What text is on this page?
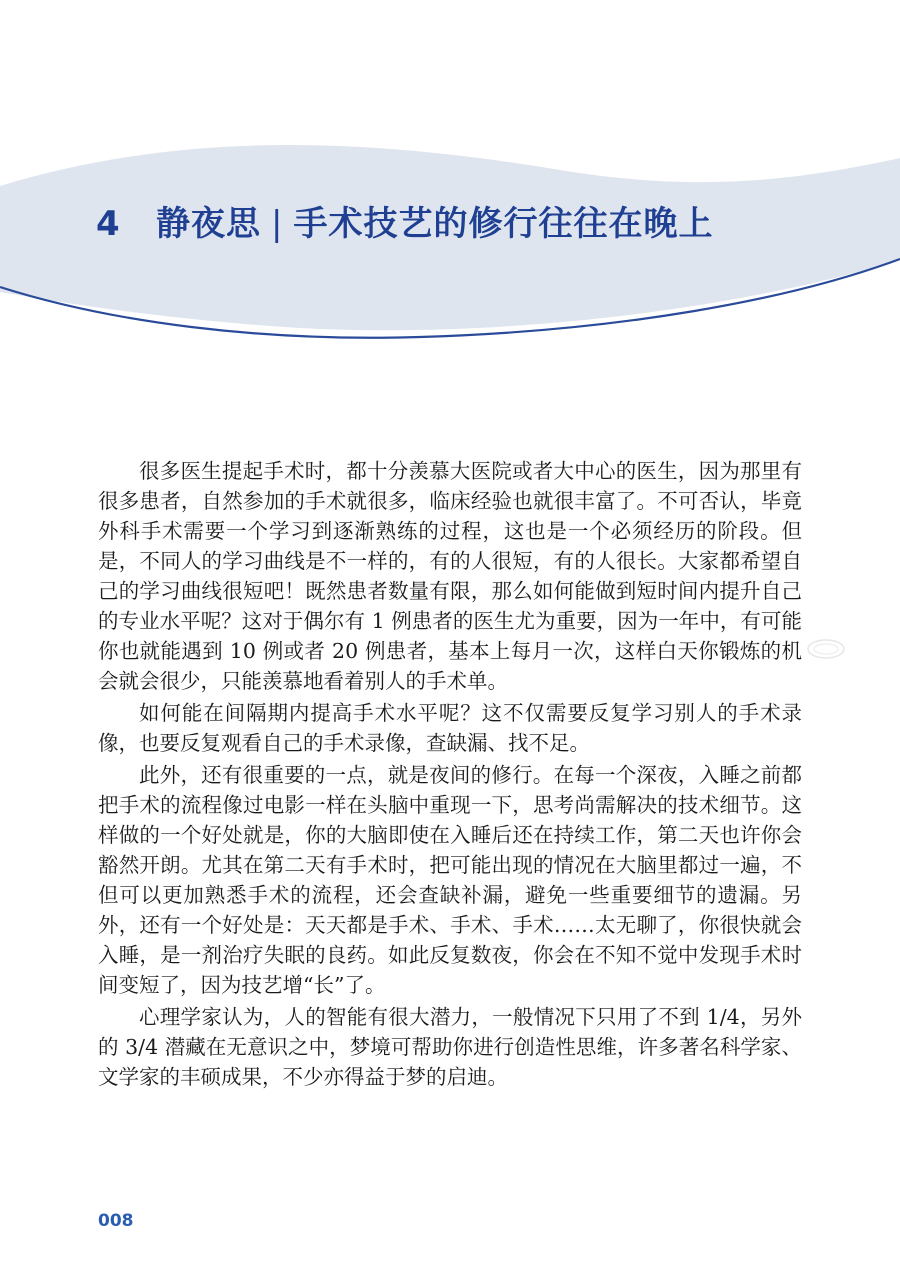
4 静夜思 | 手术技艺的修行往往在晚上

很多医生提起手术时，都十分羡慕大医院或者大中心的医生，因为那里有很多患者，自然参加的手术就很多，临床经验也就很丰富了。不可否认，毕竟外科手术需要一个学习到逐渐熟练的过程，这也是一个必须经历的阶段。但是，不同人的学习曲线是不一样的，有的人很短，有的人很长。大家都希望自己的学习曲线很短吧！既然患者数量有限，那么如何能做到短时间内提升自己的专业水平呢？这对于偶尔有 1 例患者的医生尤为重要，因为一年中，有可能你也就能遇到 10 例或者 20 例患者，基本上每月一次，这样白天你锻炼的机会就会很少，只能羡慕地看着别人的手术单。

如何能在间隔期内提高手术水平呢？这不仅需要反复学习别人的手术录像，也要反复观看自己的手术录像，查缺漏、找不足。

此外，还有很重要的一点，就是夜间的修行。在每一个深夜，入睡之前都把手术的流程像过电影一样在头脑中重现一下，思考尚需解决的技术细节。这样做的一个好处就是，你的大脑即使在入睡后还在持续工作，第二天也许你会豁然开朗。尤其在第二天有手术时，把可能出现的情况在大脑里都过一遍，不但可以更加熟悉手术的流程，还会查缺补漏，避免一些重要细节的遗漏。另外，还有一个好处是：天天都是手术、手术、手术……太无聊了，你很快就会入睡，是一剂治疗失眠的良药。如此反复数夜，你会在不知不觉中发现手术时间变短了，因为技艺增“长”了。

心理学家认为，人的智能有很大潜力，一般情况下只用了不到 1/4，另外的 3/4 潜藏在无意识之中，梦境可帮助你进行创造性思维，许多著名科学家、文学家的丰硕成果，不少亦得益于梦的启迪。

008
